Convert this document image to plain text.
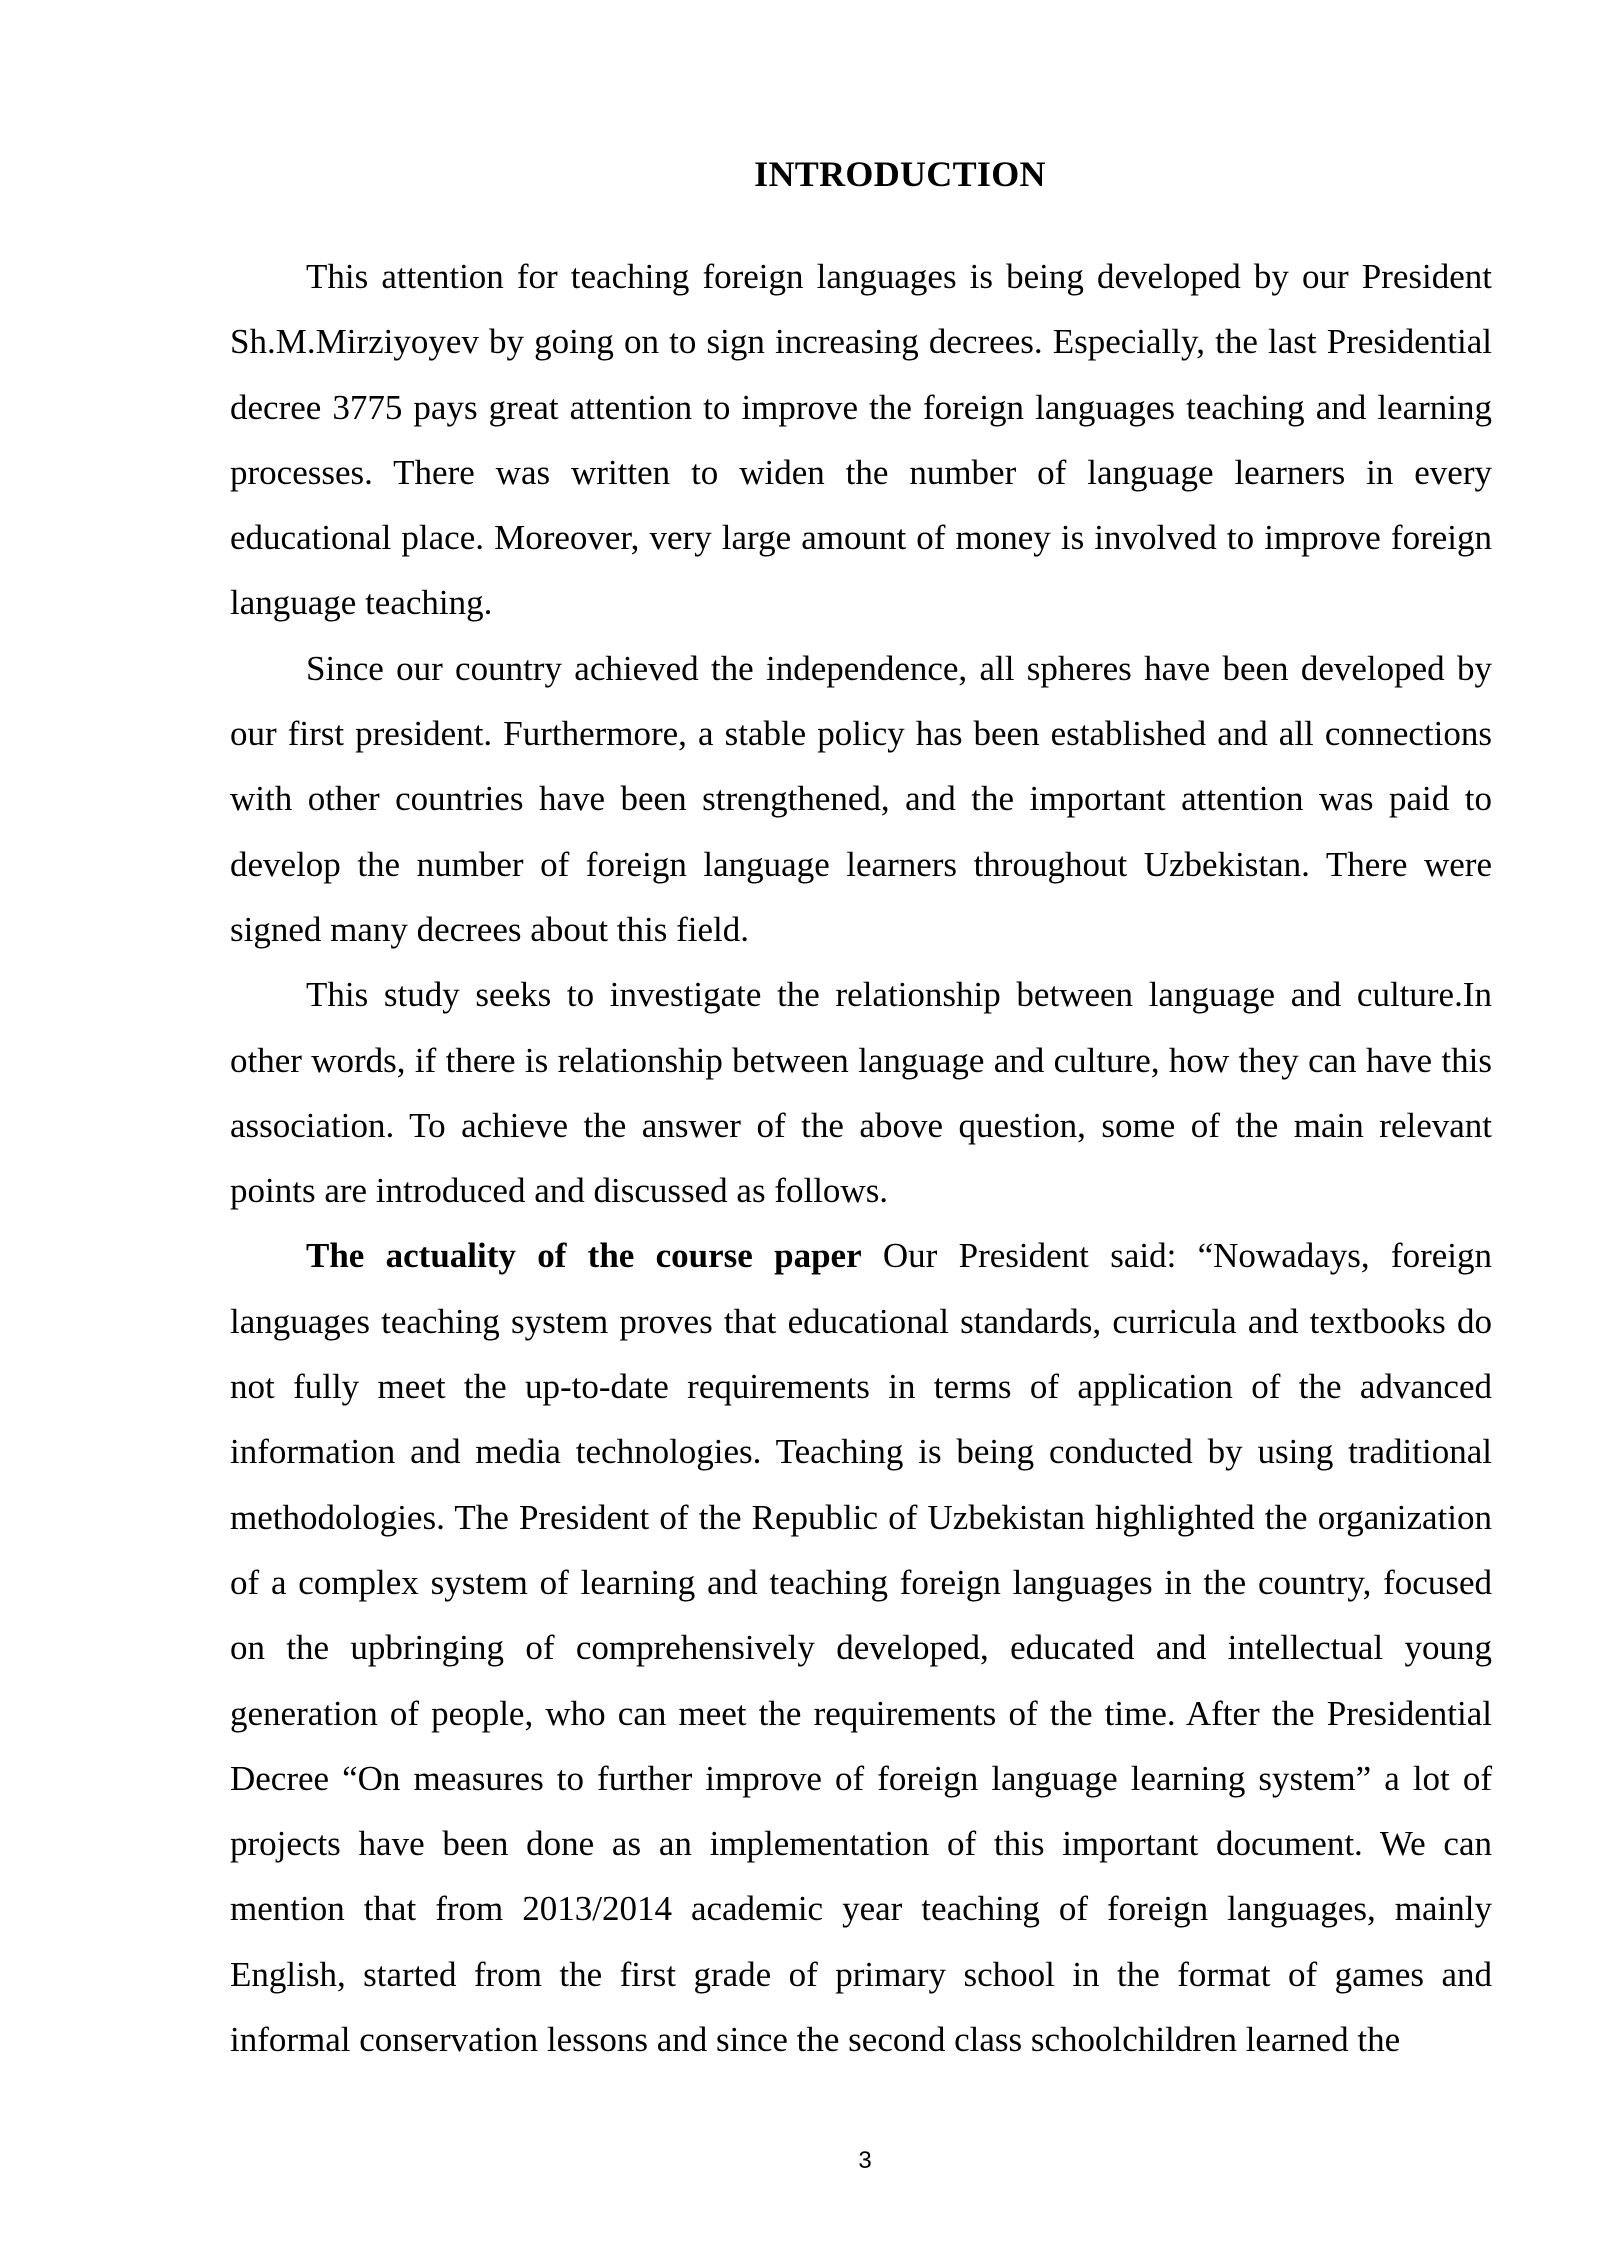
INTRODUCTION

This attention for teaching foreign languages is being developed by our President Sh.M.Mirziyoyev by going on to sign increasing decrees. Especially, the last Presidential decree 3775 pays great attention to improve the foreign languages teaching and learning processes. There was written to widen the number of language learners in every educational place. Moreover, very large amount of money is involved to improve foreign language teaching.

Since our country achieved the independence, all spheres have been developed by our first president. Furthermore, a stable policy has been established and all connections with other countries have been strengthened, and the important attention was paid to develop the number of foreign language learners throughout Uzbekistan. There were signed many decrees about this field.

This study seeks to investigate the relationship between language and culture.In other words, if there is relationship between language and culture, how they can have this association. To achieve the answer of the above question, some of the main relevant points are introduced and discussed as follows.

The actuality of the course paper Our President said: “Nowadays, foreign languages teaching system proves that educational standards, curricula and textbooks do not fully meet the up-to-date requirements in terms of application of the advanced information and media technologies. Teaching is being conducted by using traditional methodologies. The President of the Republic of Uzbekistan highlighted the organization of a complex system of learning and teaching foreign languages in the country, focused on the upbringing of comprehensively developed, educated and intellectual young generation of people, who can meet the requirements of the time. After the Presidential Decree “On measures to further improve of foreign language learning system” a lot of projects have been done as an implementation of this important document. We can mention that from 2013/2014 academic year teaching of foreign languages, mainly English, started from the first grade of primary school in the format of games and informal conservation lessons and since the second class schoolchildren learned the

3
